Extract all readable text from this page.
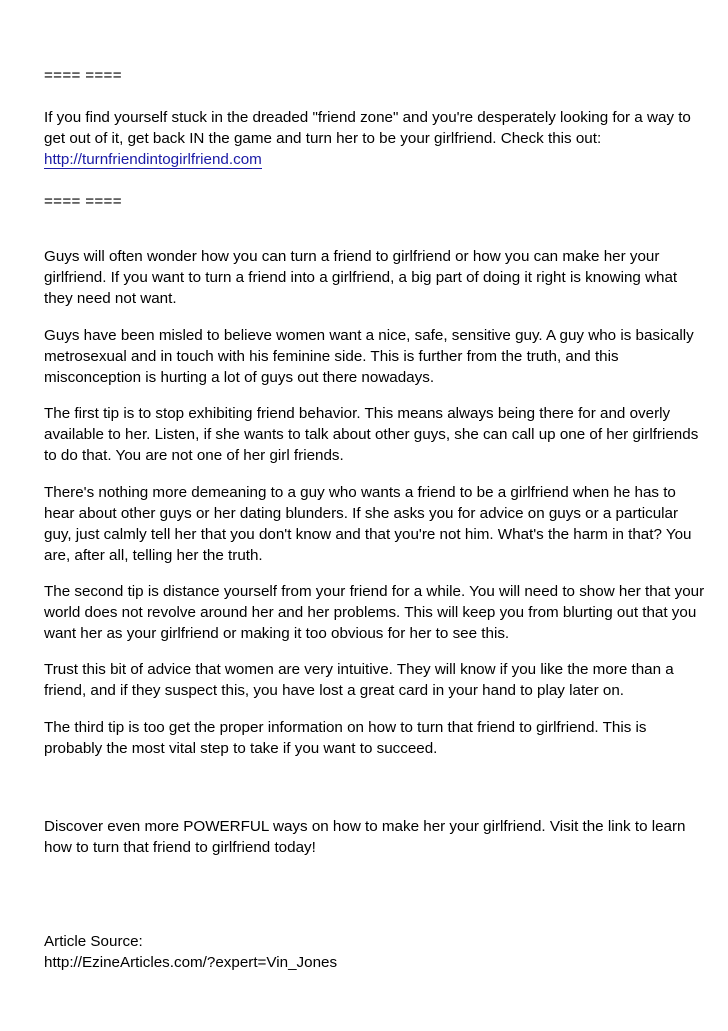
==== ====
If you find yourself stuck in the dreaded "friend zone" and you're desperately looking for a way to
get out of it, get back IN the game and turn her to be your girlfriend. Check this out:
http://turnfriendintogirlfriend.com
==== ====
Guys will often wonder how you can turn a friend to girlfriend or how you can make her your
girlfriend. If you want to turn a friend into a girlfriend, a big part of doing it right is knowing what
they need not want.
Guys have been misled to believe women want a nice, safe, sensitive guy. A guy who is basically
metrosexual and in touch with his feminine side. This is further from the truth, and this
misconception is hurting a lot of guys out there nowadays.
The first tip is to stop exhibiting friend behavior. This means always being there for and overly
available to her. Listen, if she wants to talk about other guys, she can call up one of her girlfriends
to do that. You are not one of her girl friends.
There's nothing more demeaning to a guy who wants a friend to be a girlfriend when he has to
hear about other guys or her dating blunders. If she asks you for advice on guys or a particular
guy, just calmly tell her that you don't know and that you're not him. What's the harm in that? You
are, after all, telling her the truth.
The second tip is distance yourself from your friend for a while. You will need to show her that your
world does not revolve around her and her problems. This will keep you from blurting out that you
want her as your girlfriend or making it too obvious for her to see this.
Trust this bit of advice that women are very intuitive. They will know if you like the more than a
friend, and if they suspect this, you have lost a great card in your hand to play later on.
The third tip is too get the proper information on how to turn that friend to girlfriend. This is
probably the most vital step to take if you want to succeed.
Discover even more POWERFUL ways on how to make her your girlfriend. Visit the link to learn
how to turn that friend to girlfriend today!
Article Source:
http://EzineArticles.com/?expert=Vin_Jones
